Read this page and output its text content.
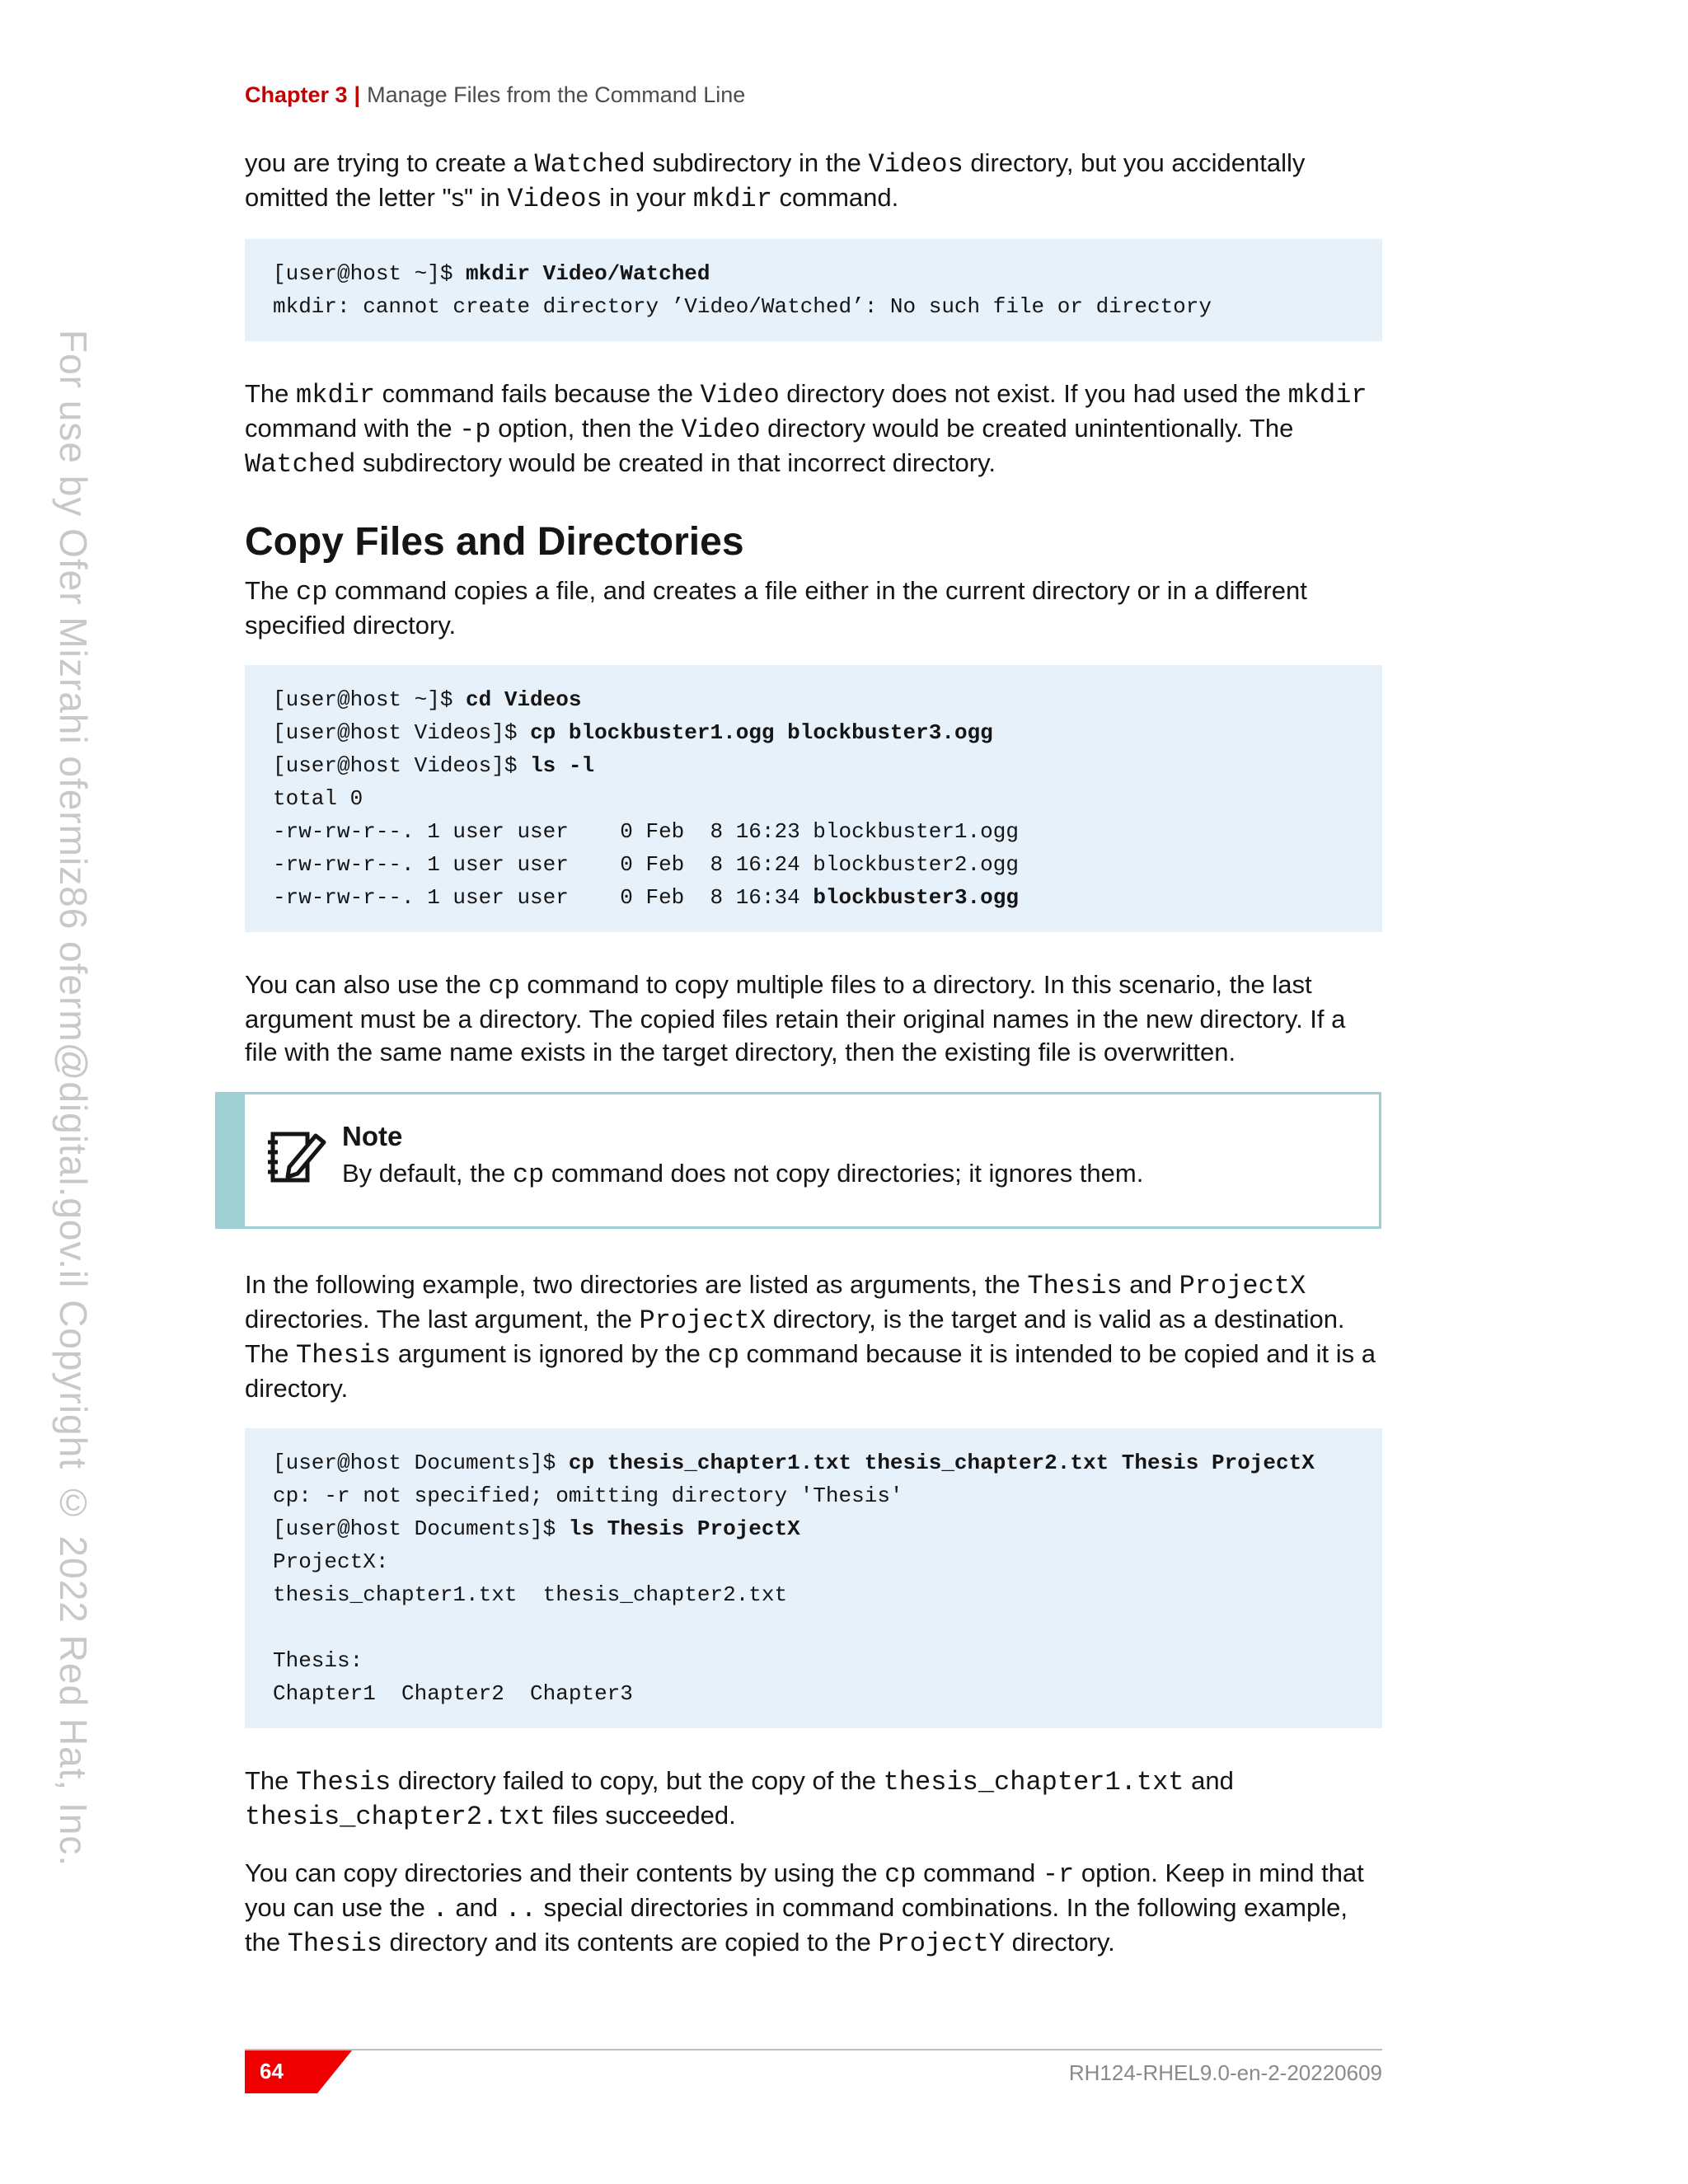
For use by Ofer Mizrahi ofermiz86 oferm@digital.gov.il Copyright © 2022 Red Hat, Inc.
Chapter 3 | Manage Files from the Command Line

you are trying to create a Watched subdirectory in the Videos directory, but you accidentally omitted the letter "s" in Videos in your mkdir command.

[user@host ~]$ mkdir Video/Watched
mkdir: cannot create directory ’Video/Watched’: No such file or directory

The mkdir command fails because the Video directory does not exist. If you had used the mkdir command with the -p option, then the Video directory would be created unintentionally. The Watched subdirectory would be created in that incorrect directory.

Copy Files and Directories

The cp command copies a file, and creates a file either in the current directory or in a different specified directory.

[user@host ~]$ cd Videos
[user@host Videos]$ cp blockbuster1.ogg blockbuster3.ogg
[user@host Videos]$ ls -l
total 0
-rw-rw-r--. 1 user user    0 Feb  8 16:23 blockbuster1.ogg
-rw-rw-r--. 1 user user    0 Feb  8 16:24 blockbuster2.ogg
-rw-rw-r--. 1 user user    0 Feb  8 16:34 blockbuster3.ogg

You can also use the cp command to copy multiple files to a directory. In this scenario, the last argument must be a directory. The copied files retain their original names in the new directory. If a file with the same name exists in the target directory, then the existing file is overwritten.

Note
By default, the cp command does not copy directories; it ignores them.

In the following example, two directories are listed as arguments, the Thesis and ProjectX directories. The last argument, the ProjectX directory, is the target and is valid as a destination. The Thesis argument is ignored by the cp command because it is intended to be copied and it is a directory.

[user@host Documents]$ cp thesis_chapter1.txt thesis_chapter2.txt Thesis ProjectX
cp: -r not specified; omitting directory 'Thesis'
[user@host Documents]$ ls Thesis ProjectX
ProjectX:
thesis_chapter1.txt  thesis_chapter2.txt

Thesis:
Chapter1  Chapter2  Chapter3

The Thesis directory failed to copy, but the copy of the thesis_chapter1.txt and thesis_chapter2.txt files succeeded.

You can copy directories and their contents by using the cp command -r option. Keep in mind that you can use the . and .. special directories in command combinations. In the following example, the Thesis directory and its contents are copied to the ProjectY directory.

64	RH124-RHEL9.0-en-2-20220609
